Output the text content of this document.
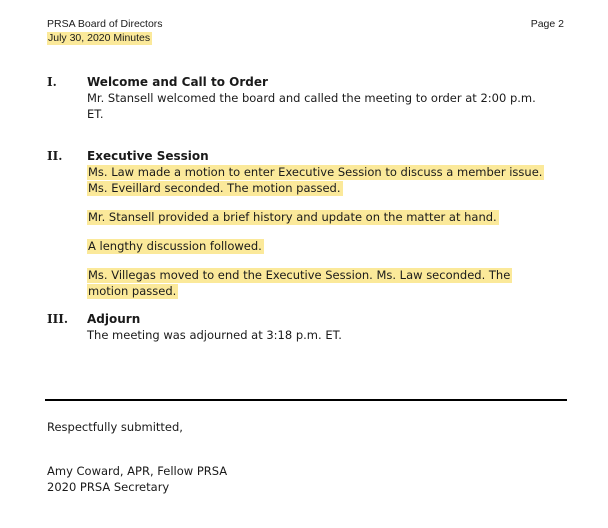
PRSA Board of Directors
July 30, 2020 Minutes
Page 2
I.	Welcome and Call to Order

Mr. Stansell welcomed the board and called the meeting to order at 2:00 p.m. ET.

II. Executive Session

Ms. Law made a motion to enter Executive Session to discuss a member issue. Ms. Eveillard seconded. The motion passed.

Mr. Stansell provided a brief history and update on the matter at hand.

A lengthy discussion followed.

Ms. Villegas moved to end the Executive Session. Ms. Law seconded. The motion passed.

III. Adjourn

The meeting was adjourned at 3:18 p.m. ET.

Respectfully submitted,
Amy Coward, APR, Fellow PRSA
2020 PRSA Secretary
